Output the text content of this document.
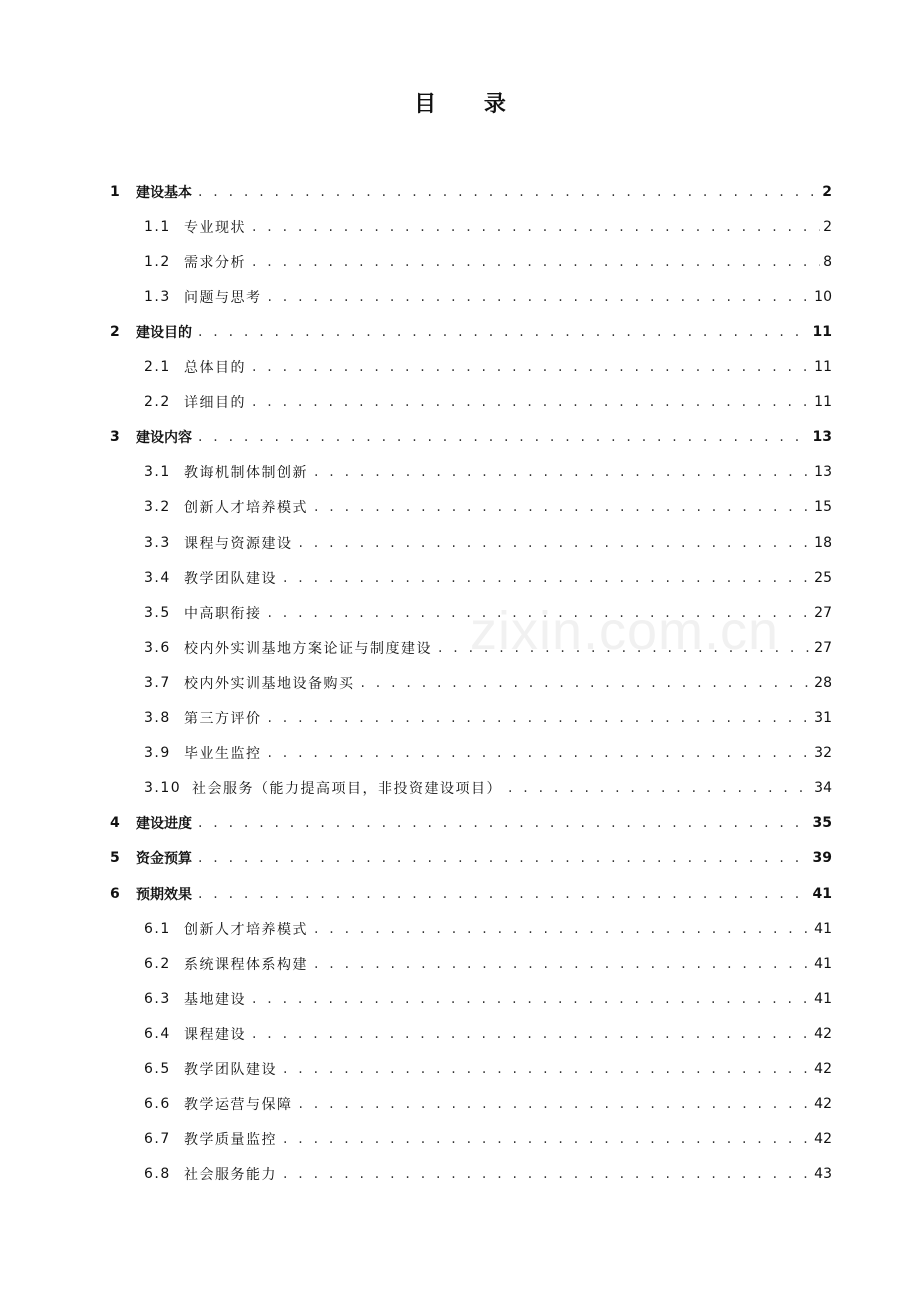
zixin.com.cn
目 录
1	建设基本 . . .	2
1.1 专业现状 . . .	2
1.2 需求分析 . . .	8
1.3 问题与思考 . . .	10
2	建设目的 . . .	11
2.1 总体目的 . . .	11
2.2 详细目的 . . .	11
3	建设内容 . . .	13
3.1 教诲机制体制创新 . . .	13
3.2 创新人才培养模式 . . .	15
3.3 课程与资源建设 . . .	18
3.4 教学团队建设 . . .	25
3.5 中高职衔接 . . .	27
3.6 校内外实训基地方案论证与制度建设 . . .	27
3.7 校内外实训基地设备购买 . . .	28
3.8 第三方评价 . . .	31
3.9 毕业生监控 . . .	32
3.10 社会服务（能力提高项目，非投资建设项目） . . .	34
4	建设进度 . . .	35
5	资金预算 . . .	39
6	预期效果 . . .	41
6.1 创新人才培养模式 . . .	41
6.2 系统课程体系构建 . . .	41
6.3 基地建设 . . .	41
6.4 课程建设 . . .	42
6.5 教学团队建设 . . .	42
6.6 教学运营与保障 . . .	42
6.7 教学质量监控 . . .	42
6.8 社会服务能力 . . .	43
